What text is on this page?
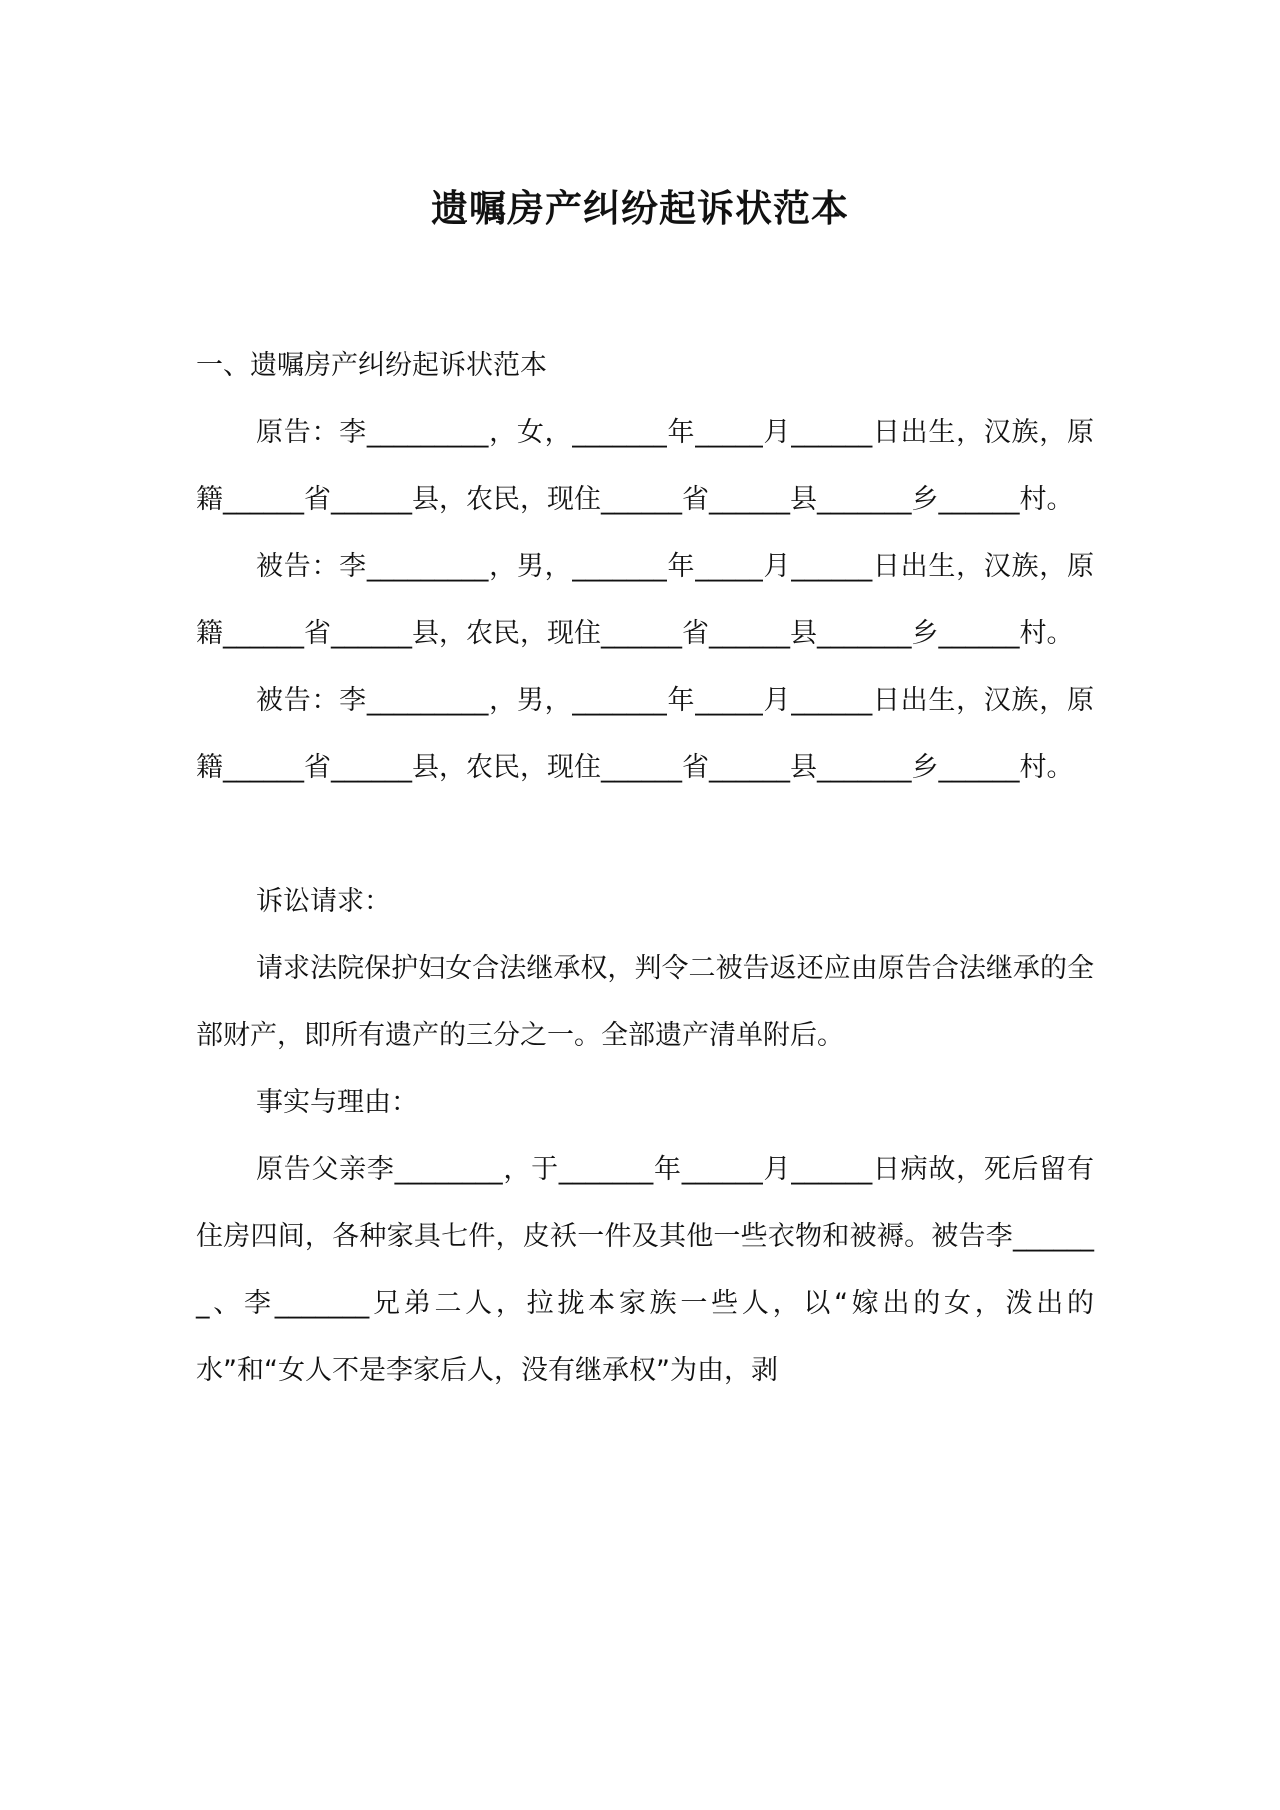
遗嘱房产纠纷起诉状范本

一、遗嘱房产纠纷起诉状范本

原告：李_________，女，_______年_____月______日出生，汉族，原籍______省______县，农民，现住______省______县_______乡______村。

被告：李_________，男，_______年_____月______日出生，汉族，原籍______省______县，农民，现住______省______县_______乡______村。

被告：李_________，男，_______年_____月______日出生，汉族，原籍______省______县，农民，现住______省______县_______乡______村。

诉讼请求：

请求法院保护妇女合法继承权，判令二被告返还应由原告合法继承的全部财产，即所有遗产的三分之一。全部遗产清单附后。

事实与理由：

原告父亲李________，于_______年______月______日病故，死后留有住房四间，各种家具七件，皮袄一件及其他一些衣物和被褥。被告李_______、李_______兄弟二人，拉拢本家族一些人，以“嫁出的女，泼出的水”和“女人不是李家后人，没有继承权”为由，剥
